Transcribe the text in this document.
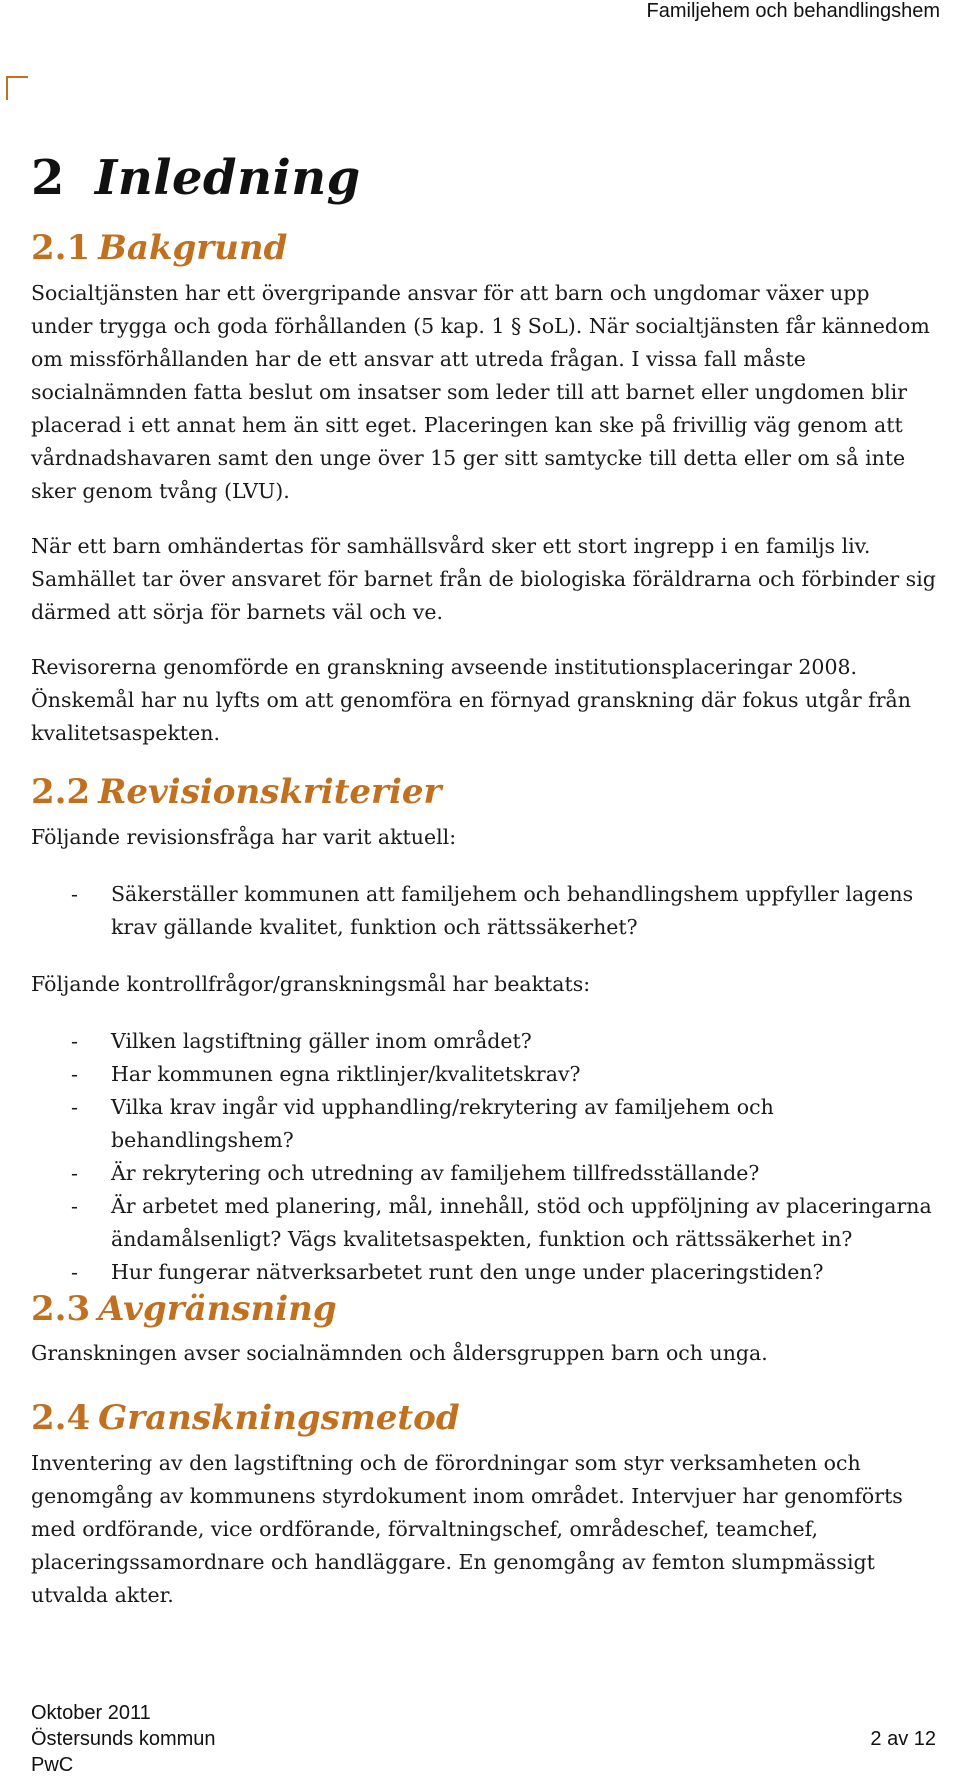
Familjehem och behandlingshem
2 Inledning
2.1 Bakgrund

Socialtjänsten har ett övergripande ansvar för att barn och ungdomar växer upp under trygga och goda förhållanden (5 kap. 1 § SoL). När socialtjänsten får kännedom om missförhållanden har de ett ansvar att utreda frågan. I vissa fall måste socialnämnden fatta beslut om insatser som leder till att barnet eller ungdomen blir placerad i ett annat hem än sitt eget. Placeringen kan ske på frivillig väg genom att vårdnadshavaren samt den unge över 15 ger sitt samtycke till detta eller om så inte sker genom tvång (LVU).

När ett barn omhändertas för samhällsvård sker ett stort ingrepp i en familjs liv. Samhället tar över ansvaret för barnet från de biologiska föräldrarna och förbinder sig därmed att sörja för barnets väl och ve.

Revisorerna genomförde en granskning avseende institutionsplaceringar 2008. Önskemål har nu lyfts om att genomföra en förnyad granskning där fokus utgår från kvalitetsaspekten.

2.2 Revisionskriterier

Följande revisionsfråga har varit aktuell:

- Säkerställer kommunen att familjehem och behandlingshem uppfyller lagens krav gällande kvalitet, funktion och rättssäkerhet?

Följande kontrollfrågor/granskningsmål har beaktats:

- Vilken lagstiftning gäller inom området?
- Har kommunen egna riktlinjer/kvalitetskrav?
- Vilka krav ingår vid upphandling/rekrytering av familjehem och behandlingshem?
- Är rekrytering och utredning av familjehem tillfredsställande?
- Är arbetet med planering, mål, innehåll, stöd och uppföljning av placeringarna ändamålsenligt? Vägs kvalitetsaspekten, funktion och rättssäkerhet in?
- Hur fungerar nätverksarbetet runt den unge under placeringstiden?
2.3 Avgränsning

Granskningen avser socialnämnden och åldersgruppen barn och unga.

2.4 Granskningsmetod

Inventering av den lagstiftning och de förordningar som styr verksamheten och genomgång av kommunens styrdokument inom området. Intervjuer har genomförts med ordförande, vice ordförande, förvaltningschef, områdeschef, teamchef, placeringssamordnare och handläggare. En genomgång av femton slumpmässigt utvalda akter.

Oktober 2011
Östersunds kommun
PwC
2 av 12
